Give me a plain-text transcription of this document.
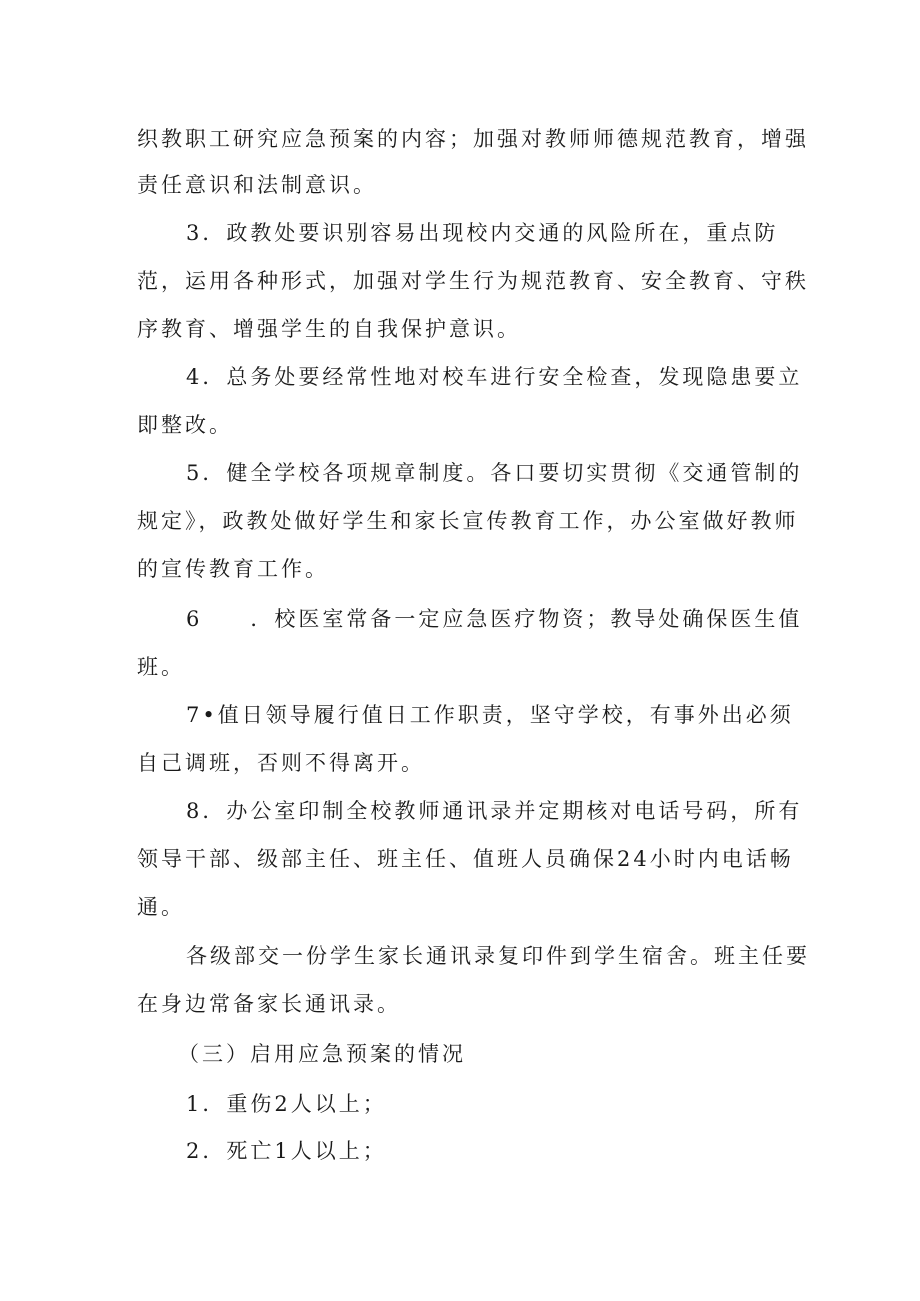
织教职工研究应急预案的内容；加强对教师师德规范教育，增强

责任意识和法制意识。

3．政教处要识别容易出现校内交通的风险所在，重点防

范，运用各种形式，加强对学生行为规范教育、安全教育、守秩

序教育、增强学生的自我保护意识。

4．总务处要经常性地对校车进行安全检查，发现隐患要立

即整改。

5．健全学校各项规章制度。各口要切实贯彻《交通管制的

规定》，政教处做好学生和家长宣传教育工作，办公室做好教师

的宣传教育工作。

6　　．校医室常备一定应急医疗物资；教导处确保医生值

班。

7•值日领导履行值日工作职责，坚守学校，有事外出必须

自己调班，否则不得离开。

8．办公室印制全校教师通讯录并定期核对电话号码，所有

领导干部、级部主任、班主任、值班人员确保24小时内电话畅

通。

各级部交一份学生家长通讯录复印件到学生宿舍。班主任要

在身边常备家长通讯录。

（三）启用应急预案的情况

1．重伤2人以上；

2．死亡1人以上；
